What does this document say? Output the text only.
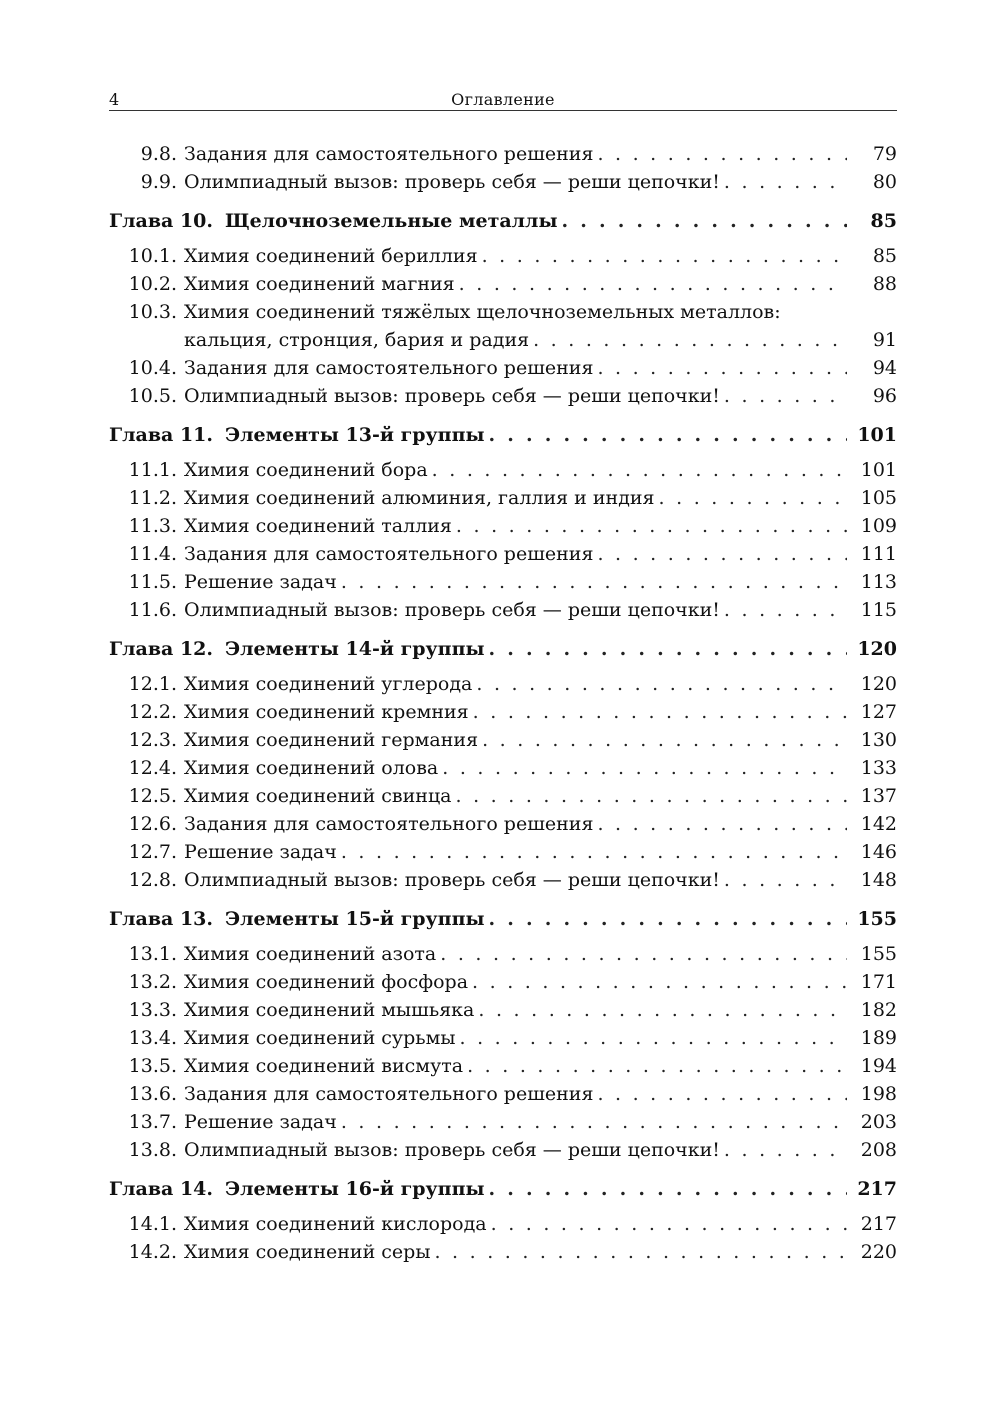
4	Оглавление
9.8. Задания для самостоятельного решения . . .	79
9.9. Олимпиадный вызов: проверь себя — реши цепочки! . . .	80
Глава 10. Щелочноземельные металлы . . .	85
10.1. Химия соединений бериллия . . .	85
10.2. Химия соединений магния . . .	88
10.3. Химия соединений тяжёлых щелочноземельных металлов:
кальция, стронция, бария и радия . . .	91
10.4. Задания для самостоятельного решения . . .	94
10.5. Олимпиадный вызов: проверь себя — реши цепочки! . . .	96
Глава 11. Элементы 13-й группы . . .	101
11.1. Химия соединений бора . . .	101
11.2. Химия соединений алюминия, галлия и индия . . .	105
11.3. Химия соединений таллия . . .	109
11.4. Задания для самостоятельного решения . . .	111
11.5. Решение задач . . .	113
11.6. Олимпиадный вызов: проверь себя — реши цепочки! . . .	115
Глава 12. Элементы 14-й группы . . .	120
12.1. Химия соединений углерода . . .	120
12.2. Химия соединений кремния . . .	127
12.3. Химия соединений германия . . .	130
12.4. Химия соединений олова . . .	133
12.5. Химия соединений свинца . . .	137
12.6. Задания для самостоятельного решения . . .	142
12.7. Решение задач . . .	146
12.8. Олимпиадный вызов: проверь себя — реши цепочки! . . .	148
Глава 13. Элементы 15-й группы . . .	155
13.1. Химия соединений азота . . .	155
13.2. Химия соединений фосфора . . .	171
13.3. Химия соединений мышьяка . . .	182
13.4. Химия соединений сурьмы . . .	189
13.5. Химия соединений висмута . . .	194
13.6. Задания для самостоятельного решения . . .	198
13.7. Решение задач . . .	203
13.8. Олимпиадный вызов: проверь себя — реши цепочки! . . .	208
Глава 14. Элементы 16-й группы . . .	217
14.1. Химия соединений кислорода . . .	217
14.2. Химия соединений серы . . .	220
